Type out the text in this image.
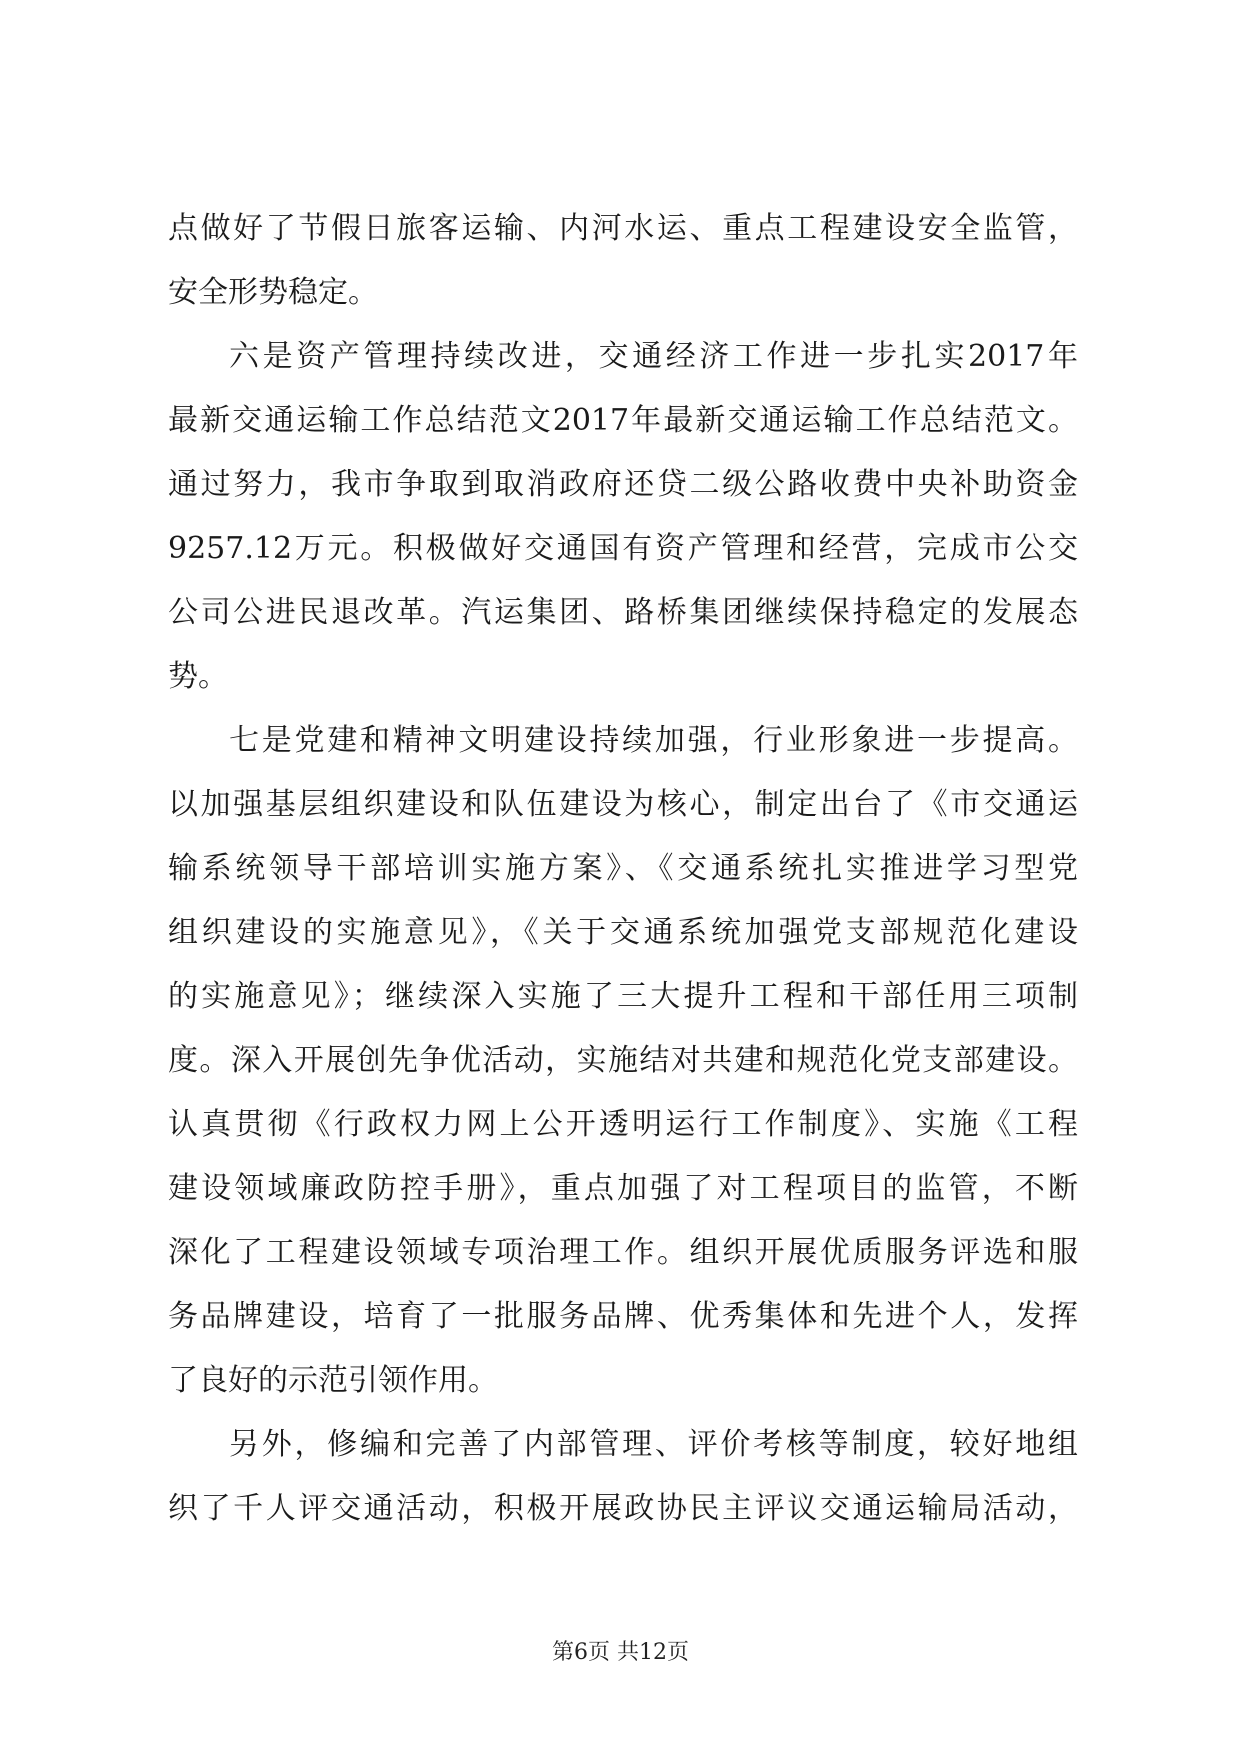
点做好了节假日旅客运输、内河水运、重点工程建设安全监管，
安全形势稳定。
六是资产管理持续改进，交通经济工作进一步扎实2017年
最新交通运输工作总结范文2017年最新交通运输工作总结范文。
通过努力，我市争取到取消政府还贷二级公路收费中央补助资金
9257.12万元。积极做好交通国有资产管理和经营，完成市公交
公司公进民退改革。汽运集团、路桥集团继续保持稳定的发展态
势。
七是党建和精神文明建设持续加强，行业形象进一步提高。
以加强基层组织建设和队伍建设为核心，制定出台了《市交通运
输系统领导干部培训实施方案》、《交通系统扎实推进学习型党
组织建设的实施意见》，《关于交通系统加强党支部规范化建设
的实施意见》；继续深入实施了三大提升工程和干部任用三项制
度。深入开展创先争优活动，实施结对共建和规范化党支部建设。
认真贯彻《行政权力网上公开透明运行工作制度》、实施《工程
建设领域廉政防控手册》，重点加强了对工程项目的监管，不断
深化了工程建设领域专项治理工作。组织开展优质服务评选和服
务品牌建设，培育了一批服务品牌、优秀集体和先进个人，发挥
了良好的示范引领作用。
另外，修编和完善了内部管理、评价考核等制度，较好地组
织了千人评交通活动，积极开展政协民主评议交通运输局活动，
第6页 共12页
